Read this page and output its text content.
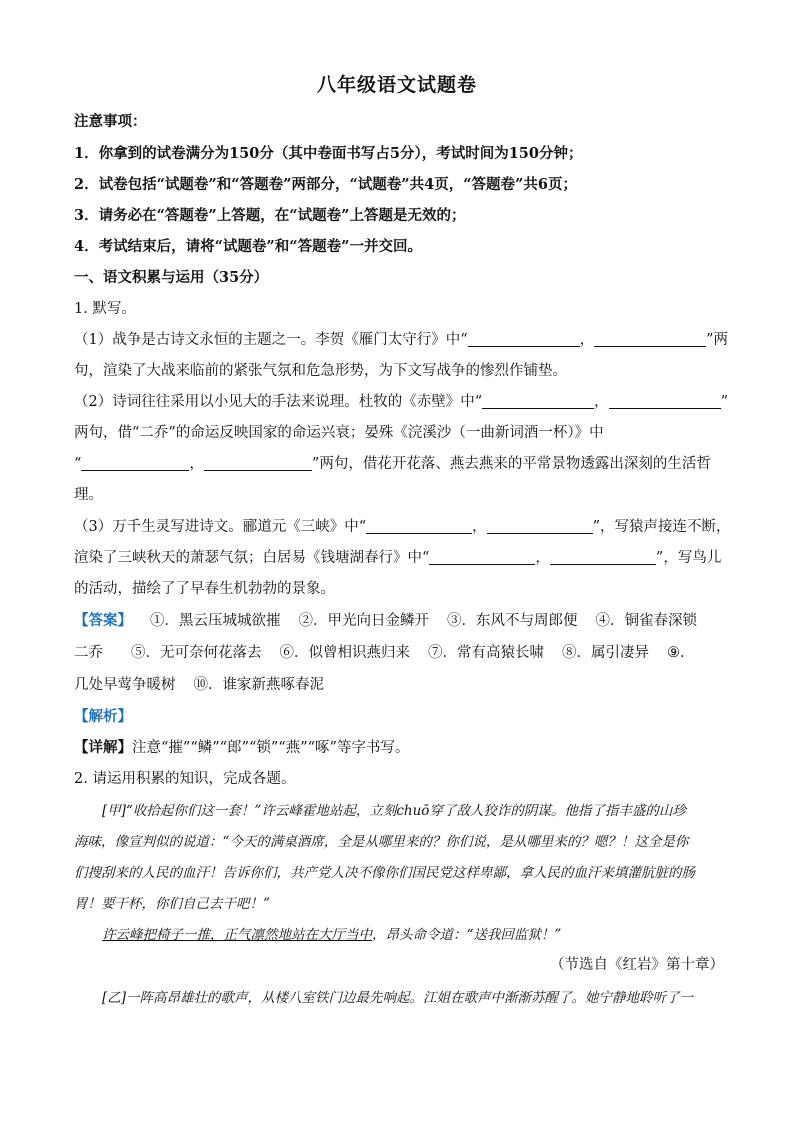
八年级语文试题卷
注意事项：
1．你拿到的试卷满分为150分（其中卷面书写占5分），考试时间为150分钟；
2．试卷包括“试题卷”和“答题卷”两部分，“试题卷”共4页，“答题卷”共6页；
3．请务必在“答题卷”上答题，在“试题卷”上答题是无效的；
4．考试结束后，请将“试题卷”和“答题卷”一并交回。
一、语文积累与运用（35分）
1. 默写。
（1）战争是古诗文永恒的主题之一。李贺《雁门太守行》中“	，	”两
句，渲染了大战来临前的紧张气氛和危急形势，为下文写战争的惨烈作铺垫。
（2）诗词往往采用以小见大的手法来说理。杜牧的《赤壁》中“	，	”
两句，借“二乔”的命运反映国家的命运兴衰；晏殊《浣溪沙（一曲新词酒一杯）》中
“	，	”两句，借花开花落、燕去燕来的平常景物透露出深刻的生活哲
理。
（3）万千生灵写进诗文。郦道元《三峡》中“	，	”，写猿声接连不断，
渲染了三峡秋天的萧瑟气氛；白居易《钱塘湖春行》中“	，	”，写鸟儿
的活动，描绘了了早春生机勃勃的景象。
【答案】 ①．黑云压城城欲摧 ②．甲光向日金鳞开 ③．东风不与周郎便 ④．铜雀春深锁
二乔 ⑤．无可奈何花落去 ⑥．似曾相识燕归来 ⑦．常有高猿长啸 ⑧．属引凄异 ⑨．
几处早莺争暖树 ⑩．谁家新燕啄春泥
【解析】
【详解】注意“摧”“鳞”“郎”“锁”“燕”“啄”等字书写。
2. 请运用积累的知识，完成各题。
[甲]“收拾起你们这一套！”许云峰霍地站起，立刻chuō穿了敌人狡诈的阴谋。他指了指丰盛的山珍
海味，像宣判似的说道：“今天的满桌酒席，全是从哪里来的？你们说，是从哪里来的？嗯？！这全是你
们搜刮来的人民的血汗！告诉你们，共产党人决不像你们国民党这样卑鄙，拿人民的血汗来填灌肮脏的肠
胃！要干杯，你们自己去干吧！”
许云峰把椅子一推，正气凛然地站在大厅当中，昂头命令道：“送我回监狱！”
（节选自《红岩》第十章）
[乙]一阵高昂雄壮的歌声，从楼八室铁门边最先响起。江姐在歌声中渐渐苏醒了。她宁静地聆听了一
